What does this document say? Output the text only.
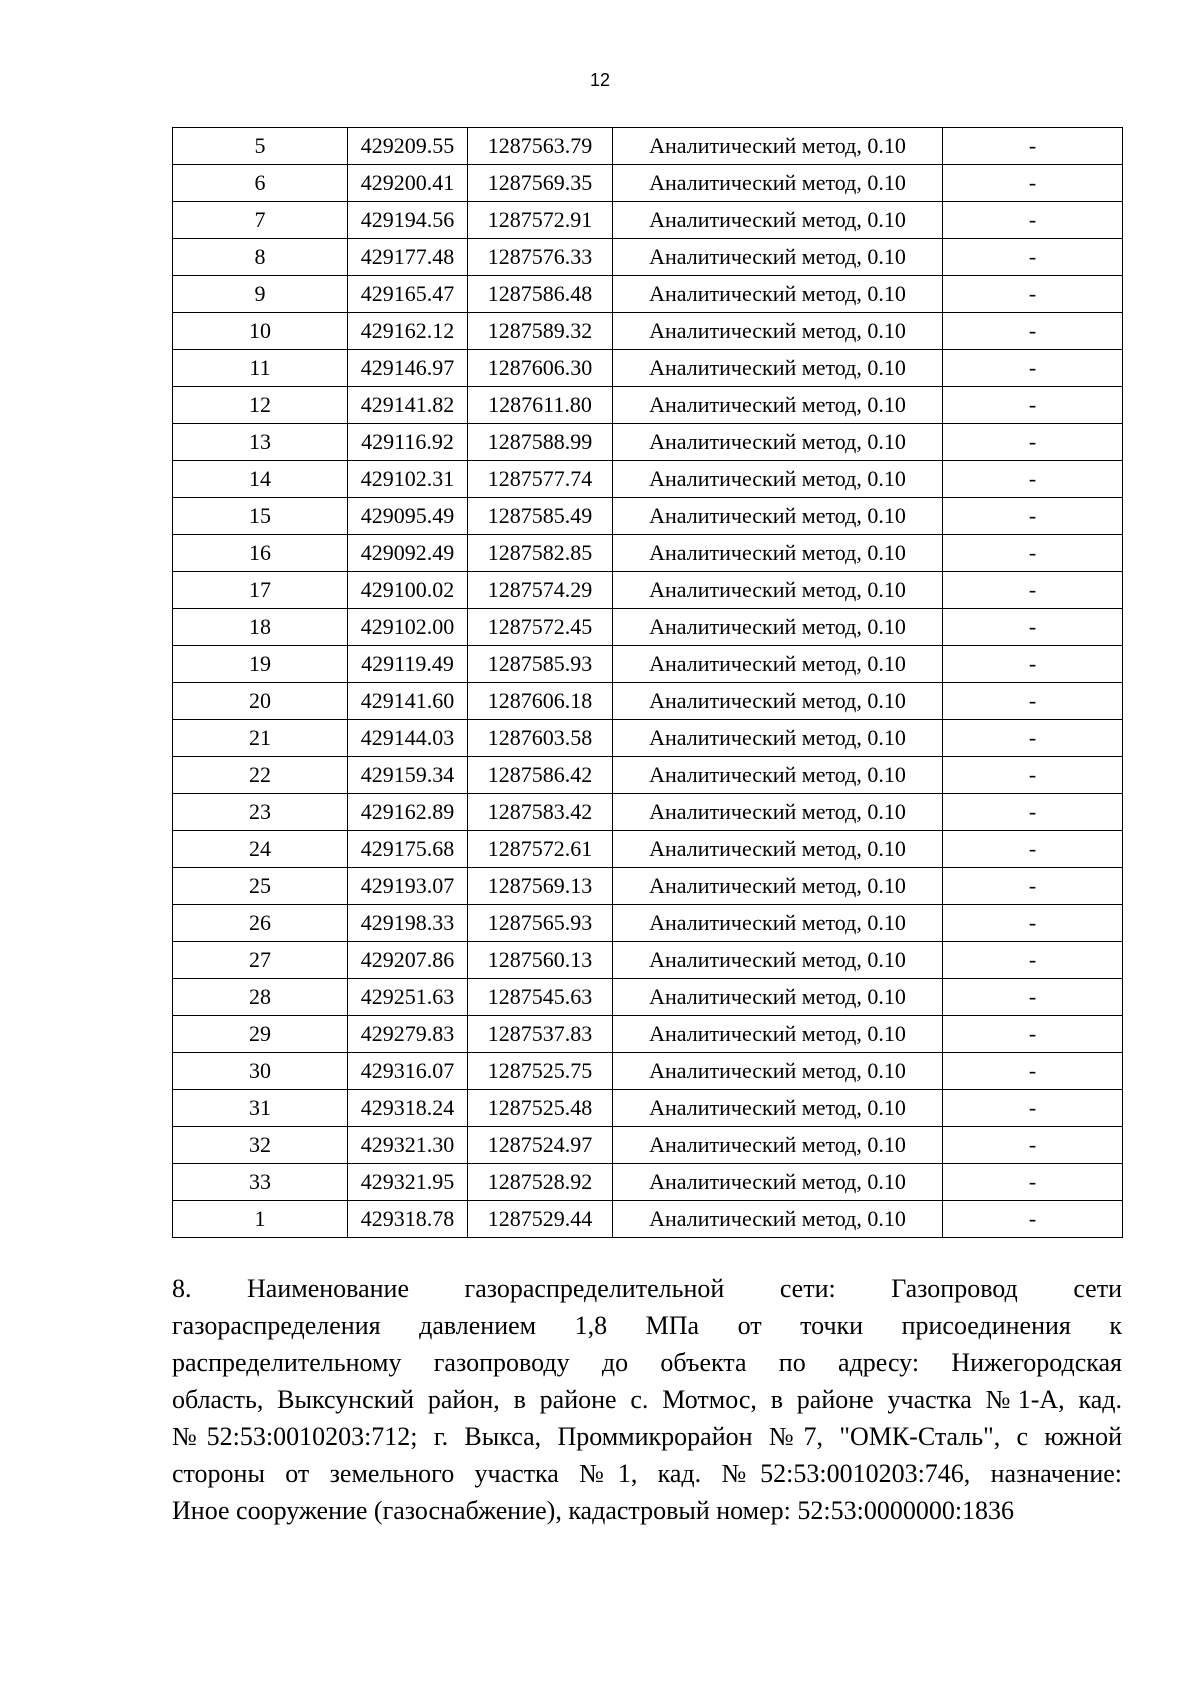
12
5	429209.55	1287563.79	Аналитический метод, 0.10	-
6	429200.41	1287569.35	Аналитический метод, 0.10	-
7	429194.56	1287572.91	Аналитический метод, 0.10	-
8	429177.48	1287576.33	Аналитический метод, 0.10	-
9	429165.47	1287586.48	Аналитический метод, 0.10	-
10	429162.12	1287589.32	Аналитический метод, 0.10	-
11	429146.97	1287606.30	Аналитический метод, 0.10	-
12	429141.82	1287611.80	Аналитический метод, 0.10	-
13	429116.92	1287588.99	Аналитический метод, 0.10	-
14	429102.31	1287577.74	Аналитический метод, 0.10	-
15	429095.49	1287585.49	Аналитический метод, 0.10	-
16	429092.49	1287582.85	Аналитический метод, 0.10	-
17	429100.02	1287574.29	Аналитический метод, 0.10	-
18	429102.00	1287572.45	Аналитический метод, 0.10	-
19	429119.49	1287585.93	Аналитический метод, 0.10	-
20	429141.60	1287606.18	Аналитический метод, 0.10	-
21	429144.03	1287603.58	Аналитический метод, 0.10	-
22	429159.34	1287586.42	Аналитический метод, 0.10	-
23	429162.89	1287583.42	Аналитический метод, 0.10	-
24	429175.68	1287572.61	Аналитический метод, 0.10	-
25	429193.07	1287569.13	Аналитический метод, 0.10	-
26	429198.33	1287565.93	Аналитический метод, 0.10	-
27	429207.86	1287560.13	Аналитический метод, 0.10	-
28	429251.63	1287545.63	Аналитический метод, 0.10	-
29	429279.83	1287537.83	Аналитический метод, 0.10	-
30	429316.07	1287525.75	Аналитический метод, 0.10	-
31	429318.24	1287525.48	Аналитический метод, 0.10	-
32	429321.30	1287524.97	Аналитический метод, 0.10	-
33	429321.95	1287528.92	Аналитический метод, 0.10	-
1	429318.78	1287529.44	Аналитический метод, 0.10	-
8. Наименование газораспределительной сети: Газопровод сети
газораспределения давлением 1,8 МПа от точки присоединения к
распределительному газопроводу до объекта по адресу: Нижегородская
область, Выксунский район, в районе с. Мотмос, в районе участка №1-А, кад.
№52:53:0010203:712; г. Выкса, Проммикрорайон №7, "ОМК-Сталь", с южной
стороны от земельного участка №1, кад. №52:53:0010203:746, назначение:
Иное сооружение (газоснабжение), кадастровый номер: 52:53:0000000:1836
